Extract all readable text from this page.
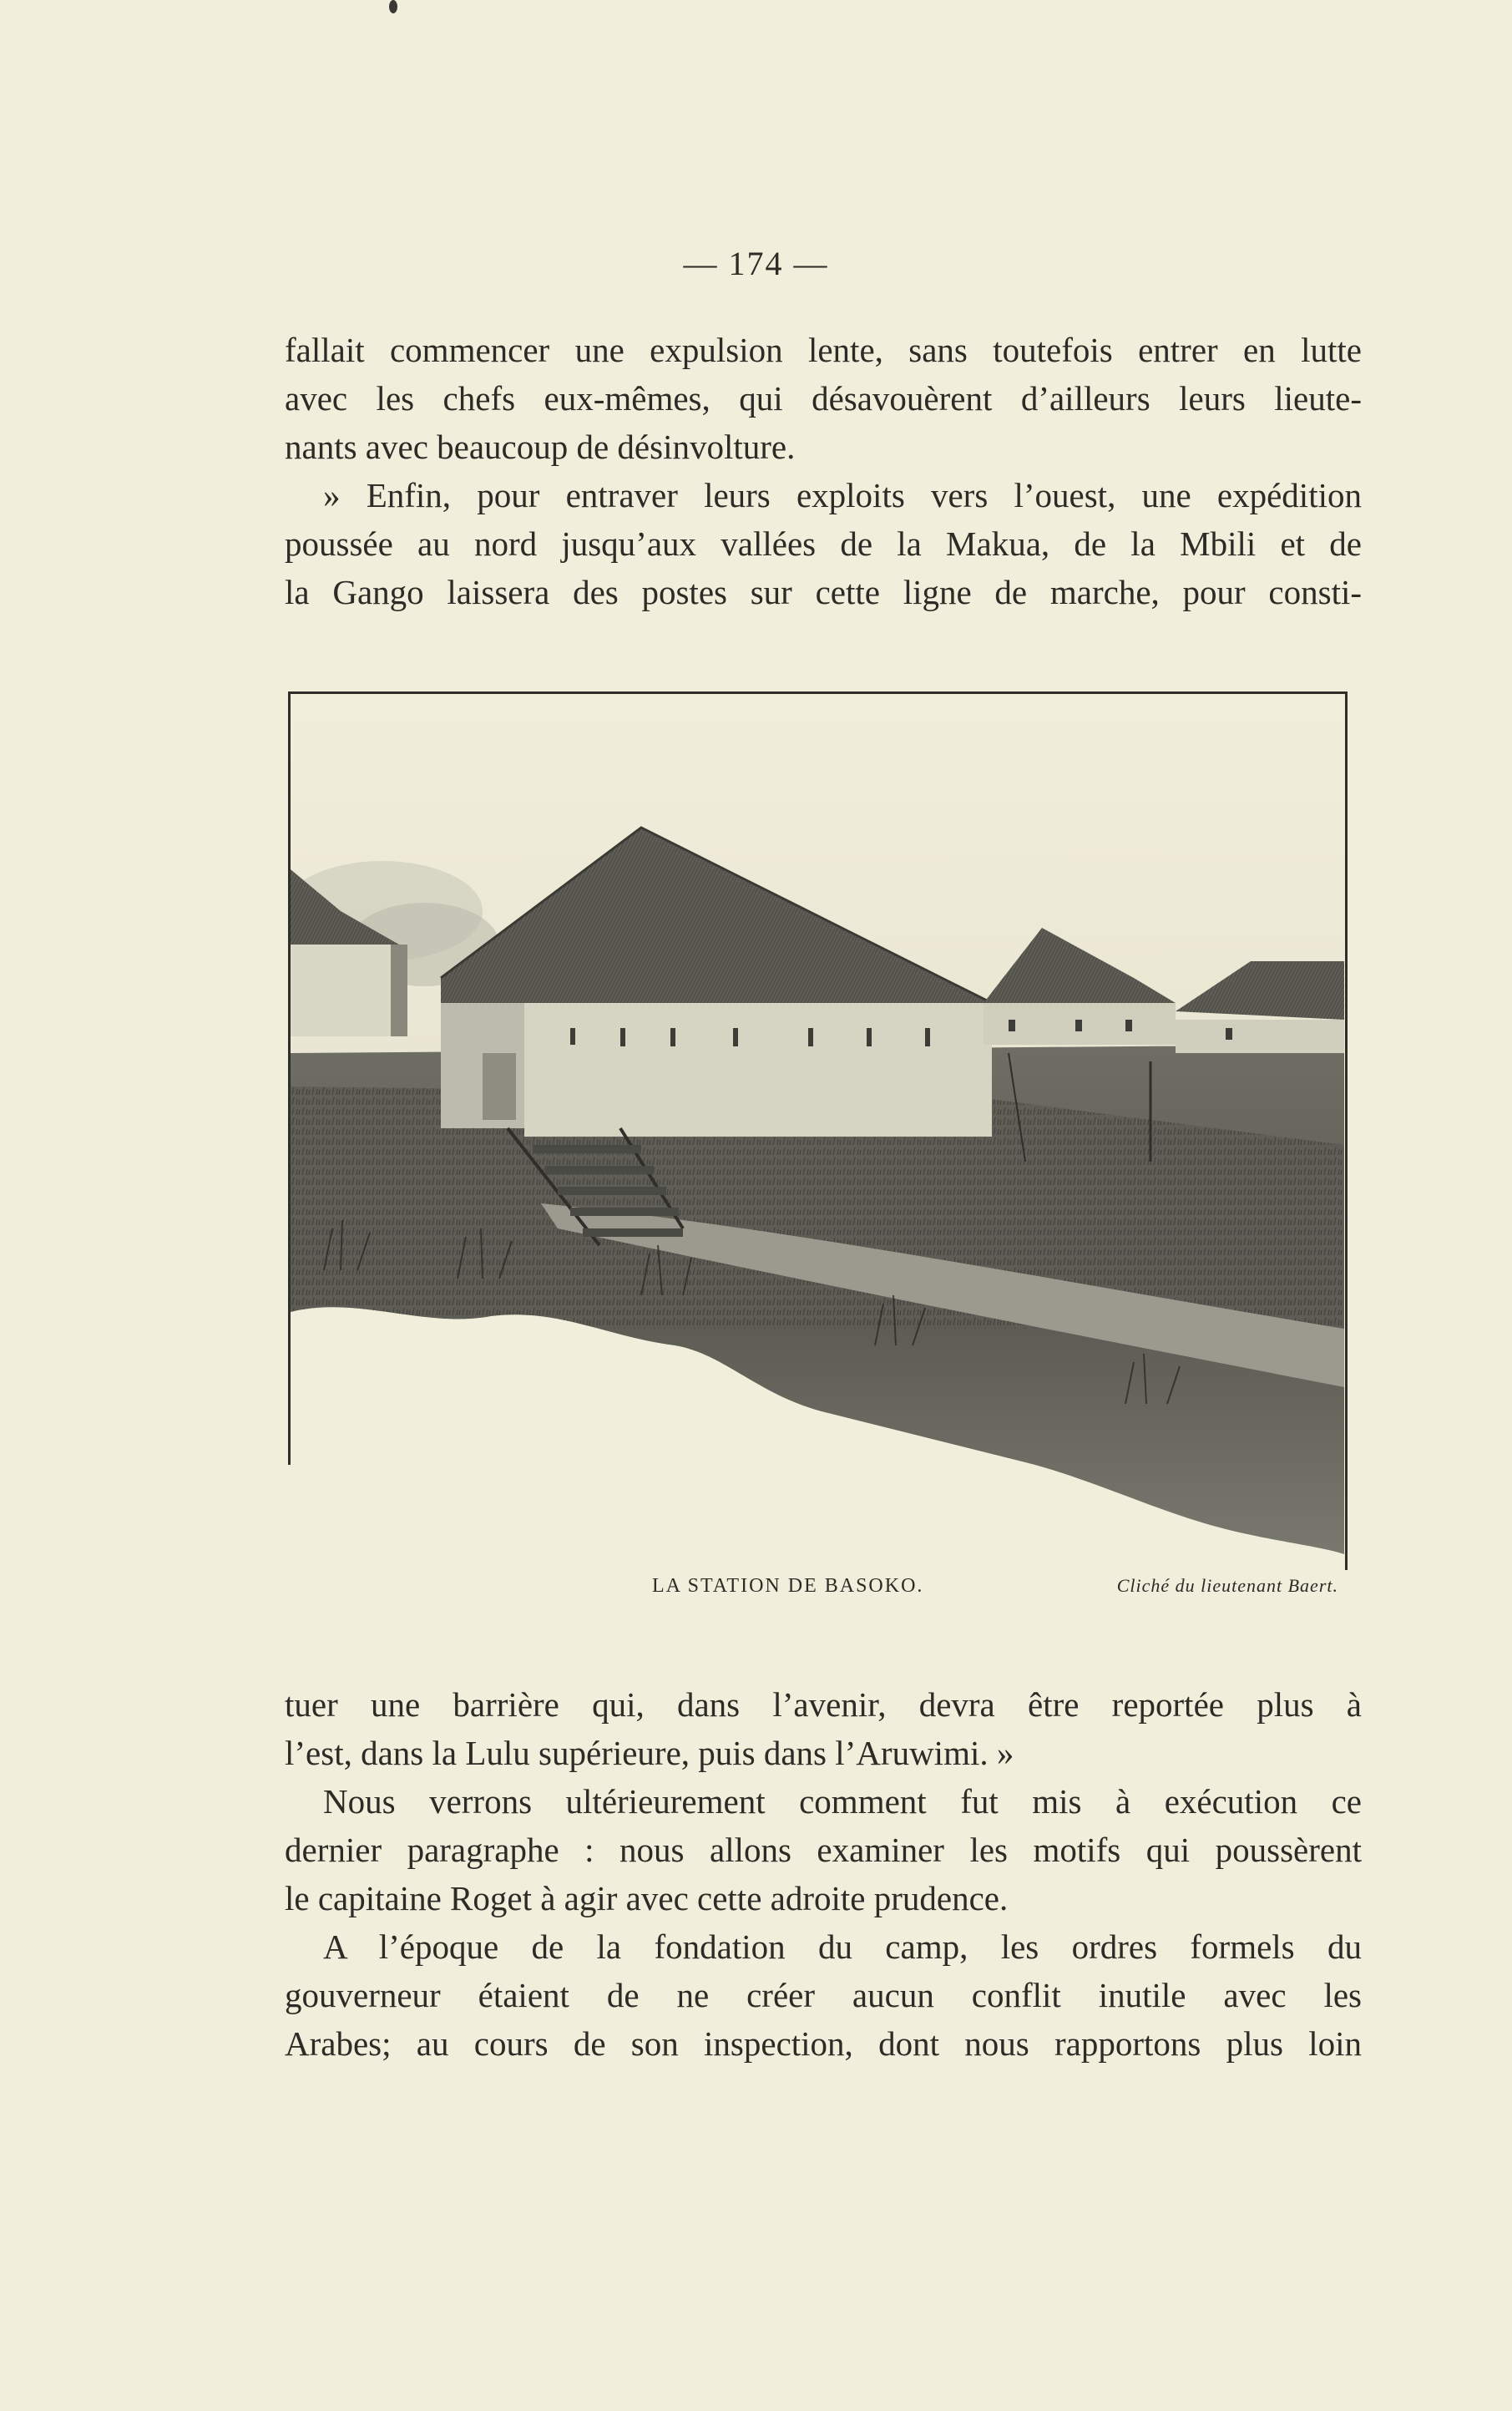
— 174 —
fallait commencer une expulsion lente, sans toutefois entrer en lutte
avec les chefs eux-mêmes, qui désavouèrent d’ailleurs leurs lieute-
nants avec beaucoup de désinvolture.
» Enfin, pour entraver leurs exploits vers l’ouest, une expédition
poussée au nord jusqu’aux vallées de la Makua, de la Mbili et de
la Gango laissera des postes sur cette ligne de marche, pour consti-
LA STATION DE BASOKO.	Cliché du lieutenant Baert.
tuer une barrière qui, dans l’avenir, devra être reportée plus à
l’est, dans la Lulu supérieure, puis dans l’Aruwimi. »
Nous verrons ultérieurement comment fut mis à exécution ce
dernier paragraphe : nous allons examiner les motifs qui poussèrent
le capitaine Roget à agir avec cette adroite prudence.
A l’époque de la fondation du camp, les ordres formels du
gouverneur étaient de ne créer aucun conflit inutile avec les
Arabes; au cours de son inspection, dont nous rapportons plus loin
